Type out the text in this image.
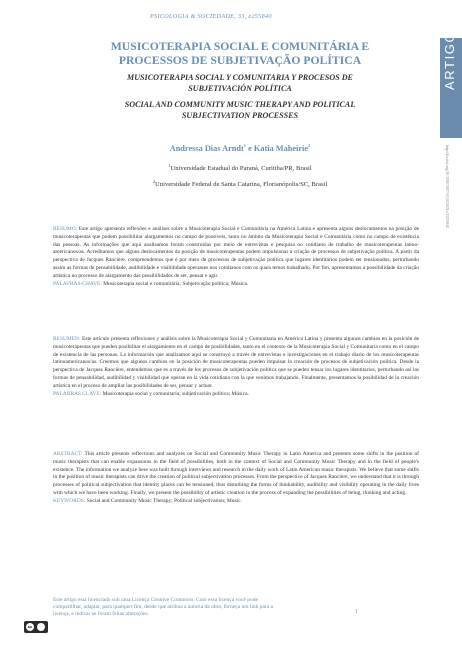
PSICOLOGIA & SOCIEDADE, 33, e255840
ARTIGO
http://dx.doi.org/10.1590/1807-0310/2021v33255840
MUSICOTERAPIA SOCIAL E COMUNITÁRIA E PROCESSOS DE SUBJETIVAÇÃO POLÍTICA
MUSICOTERAPIA SOCIAL Y COMUNITARIA Y PROCESOS DE SUBJETIVACIÓN POLÍTICA
SOCIAL AND COMMUNITY MUSIC THERAPY AND POLITICAL SUBJECTIVATION PROCESSES
Andressa Dias Arndt$^1$ e Katia Maheirie$^2$
$^1$Universidade Estadual do Paraná, Curitiba/PR, Brasil
$^2$Universidade Federal de Santa Catarina, Florianópolis/SC, Brasil
RESUMO: Este artigo apresenta reflexões e análises sobre a Musicoterapia Social e Comunitária na América Latina e apresenta alguns deslocamentos na posição de musicoterapeutas que podem possibilitar alargamentos no campo de possíveis, tanto no âmbito da Musicoterapia Social e Comunitária como no campo de existência das pessoas. As informações que aqui analisamos foram construídas por meio de entrevistas e pesquisa no cotidiano de trabalho de musicoterapeutas latino-americanos/as. Acreditamos que alguns deslocamentos da posição de musicoterapeutas podem impulsionar a criação de processos de subjetivação política. A partir da perspectiva de Jacques Rancière, compreendemos que é por meio de processos de subjetivação política que lugares identitários podem ser tensionados, perturbando assim as formas de pensabilidade, audibilidade e visibilidade operantes nos cotidianos com os quais temos trabalhado. Por fim, apresentamos a possibilidade da criação artística no processo de alargamento das possibilidades de ser, pensar e agir.
PALAVRAS-CHAVE: Musicoterapia social e comunitária; Subjetivação política; Música.
RESUMEN: Este artículo presenta reflexiones y análisis sobre la Musicoterapia Social y Comunitaria en América Latina y presenta algunos cambios en la posición de musicoterapeutas que pueden posibilitar el alargamiento en el campo de posibilidades, tanto en el contexto de la Musicoterapia Social y Comunitaria como en el campo de existencia de las personas. La información que analizamos aquí se construyó a través de entrevistas e investigaciones en el trabajo diario de los musicoterapeutas latinoamericanos/as. Creemos que algunos cambios en la posición de musicoterapeutas pueden impulsar la creación de procesos de subjetivación política. Desde la perspectiva de Jacques Rancière, entendemos que es a través de los procesos de subjetivación política que se pueden tensar los lugares identitarios, perturbando así las formas de pensabilidad, audibilidad y visibilidad que operan en la vida cotidiana con la que venimos trabajando. Finalmente, presentamos la posibilidad de la creación artística en el proceso de ampliar las posibilidades de ser, pensar y actuar.
PALABRAS CLAVE: Musicoterapia social y comunitaria; subjetivación política; Música.
ABSTRACT: This article presents reflections and analyzes on Social and Community Music Therapy in Latin America and presents some shifts in the position of music therapists that can enable expansions in the field of possibilities, both in the context of Social and Community Music Therapy and in the field of people's existence. The information we analyze here was built through interviews and research in the daily work of Latin American music therapists. We believe that some shifts in the position of music therapists can drive the creation of political subjectivation processes. From the perspective of Jacques Rancière, we understand that it is through processes of political subjectivation that identity places can be tensioned, thus disturbing the forms of thinkability, audibility and visibility operating in the daily lives with which we have been working. Finally, we present the possibility of artistic creation in the process of expanding the possibilities of being, thinking and acting.
KEYWORDS: Social and Community Music Therapy; Political subjectivation; Music.
cc
Este artigo está licenciado sob uma Licença Creative Commons. Com essa licença você pode compartilhar, adaptar, para qualquer fim, desde que atribua a autoria da obra, forneça um link para a licença, e indicar se foram feitas alterações.	1
